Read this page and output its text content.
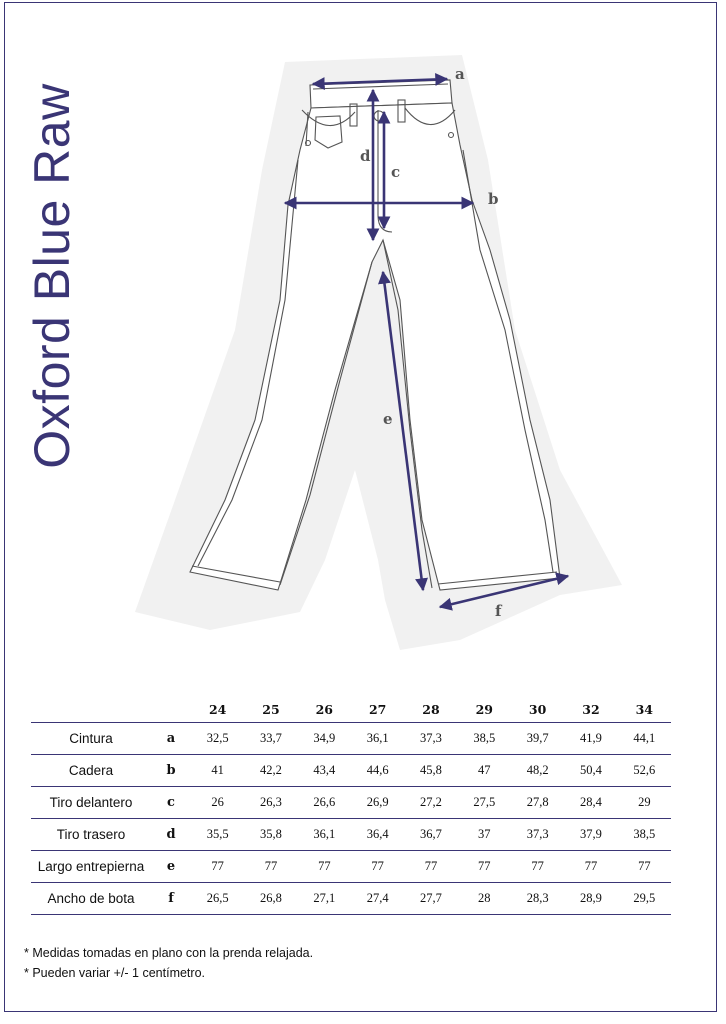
Oxford Blue Raw
a
b
c
d
e
f
		24	25	26	27	28	29	30	32	34
Cintura	a	32,5	33,7	34,9	36,1	37,3	38,5	39,7	41,9	44,1
Cadera	b	41	42,2	43,4	44,6	45,8	47	48,2	50,4	52,6
Tiro delantero	c	26	26,3	26,6	26,9	27,2	27,5	27,8	28,4	29
Tiro trasero	d	35,5	35,8	36,1	36,4	36,7	37	37,3	37,9	38,5
Largo entrepierna	e	77	77	77	77	77	77	77	77	77
Ancho de bota	f	26,5	26,8	27,1	27,4	27,7	28	28,3	28,9	29,5
* Medidas tomadas en plano con la prenda relajada.
* Pueden variar +/- 1 centímetro.
